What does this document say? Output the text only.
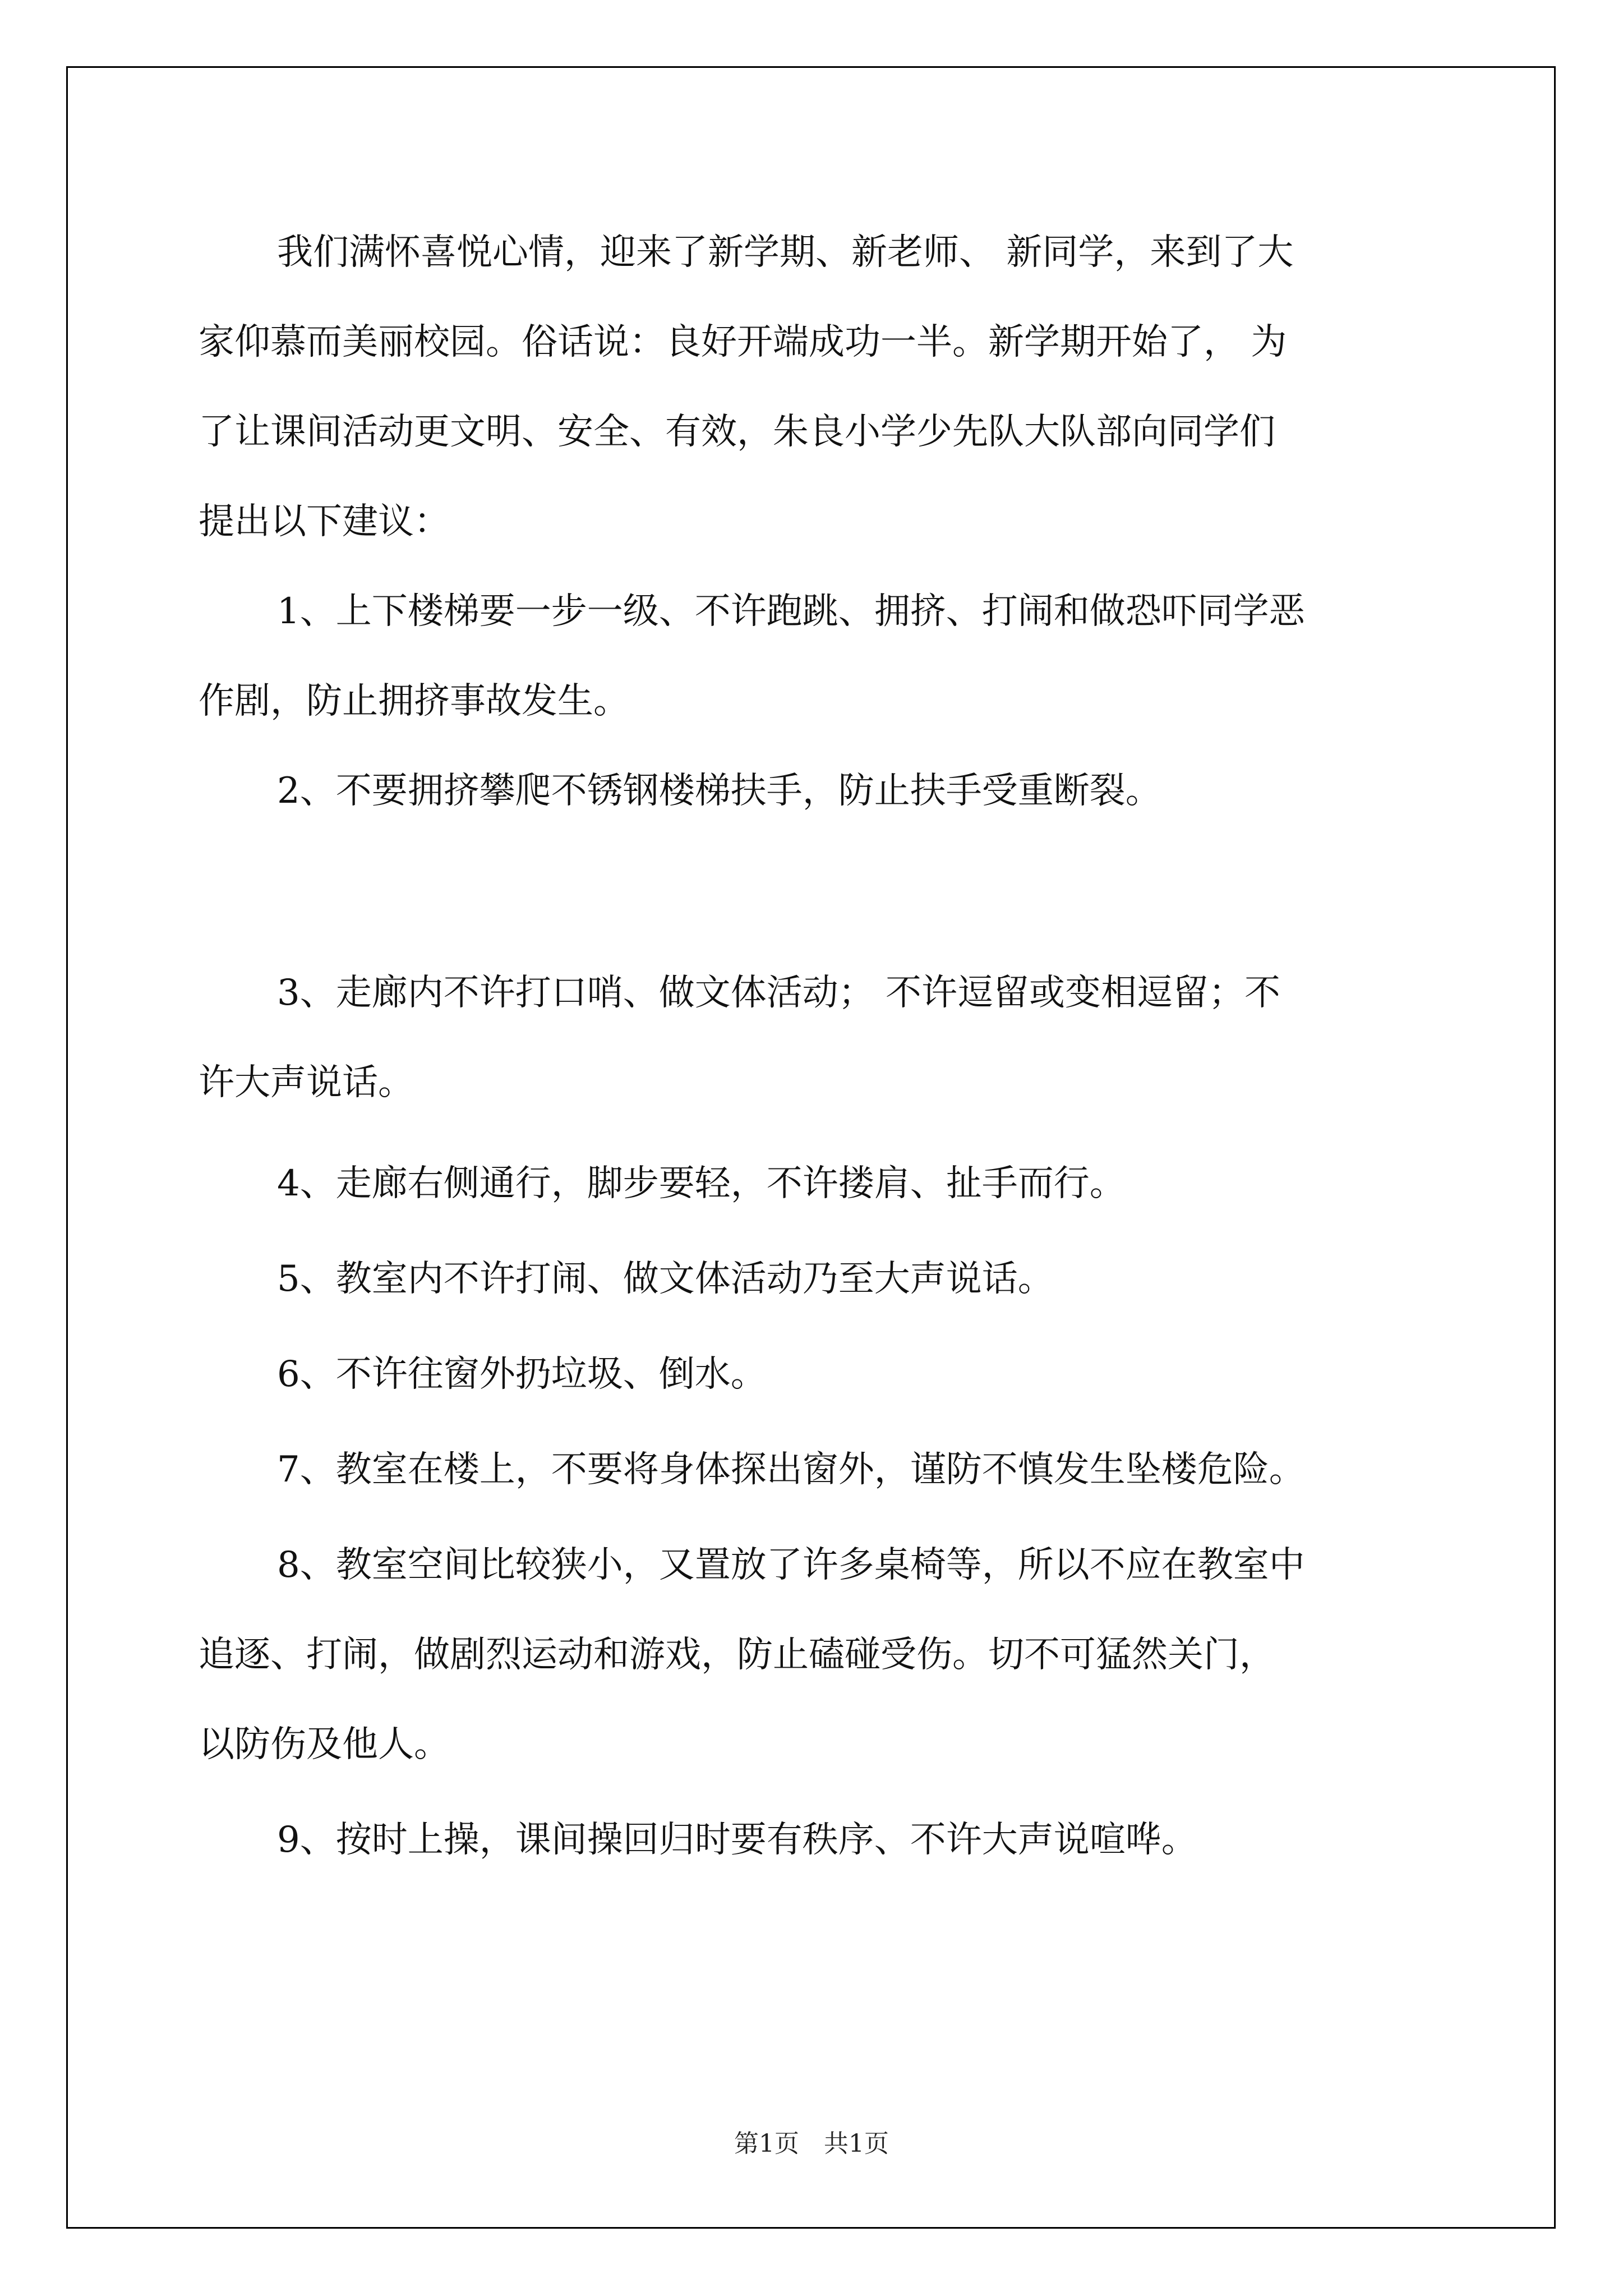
我们满怀喜悦心情，迎来了新学期、新老师、 新同学，来到了大

家仰慕而美丽校园。俗话说：良好开端成功一半。新学期开始了， 为

了让课间活动更文明、安全、有效，朱良小学少先队大队部向同学们

提出以下建议：

1、上下楼梯要一步一级、不许跑跳、拥挤、打闹和做恐吓同学恶

作剧，防止拥挤事故发生。

2、不要拥挤攀爬不锈钢楼梯扶手，防止扶手受重断裂。

3、走廊内不许打口哨、做文体活动； 不许逗留或变相逗留；不

许大声说话。

4、走廊右侧通行，脚步要轻，不许搂肩、扯手而行。

5、教室内不许打闹、做文体活动乃至大声说话。

6、不许往窗外扔垃圾、倒水。

7、教室在楼上，不要将身体探出窗外，谨防不慎发生坠楼危险。

8、教室空间比较狭小，又置放了许多桌椅等，所以不应在教室中

追逐、打闹，做剧烈运动和游戏，防止磕碰受伤。切不可猛然关门，

以防伤及他人。

9、按时上操，课间操回归时要有秩序、不许大声说喧哗。

第1页　共1页
